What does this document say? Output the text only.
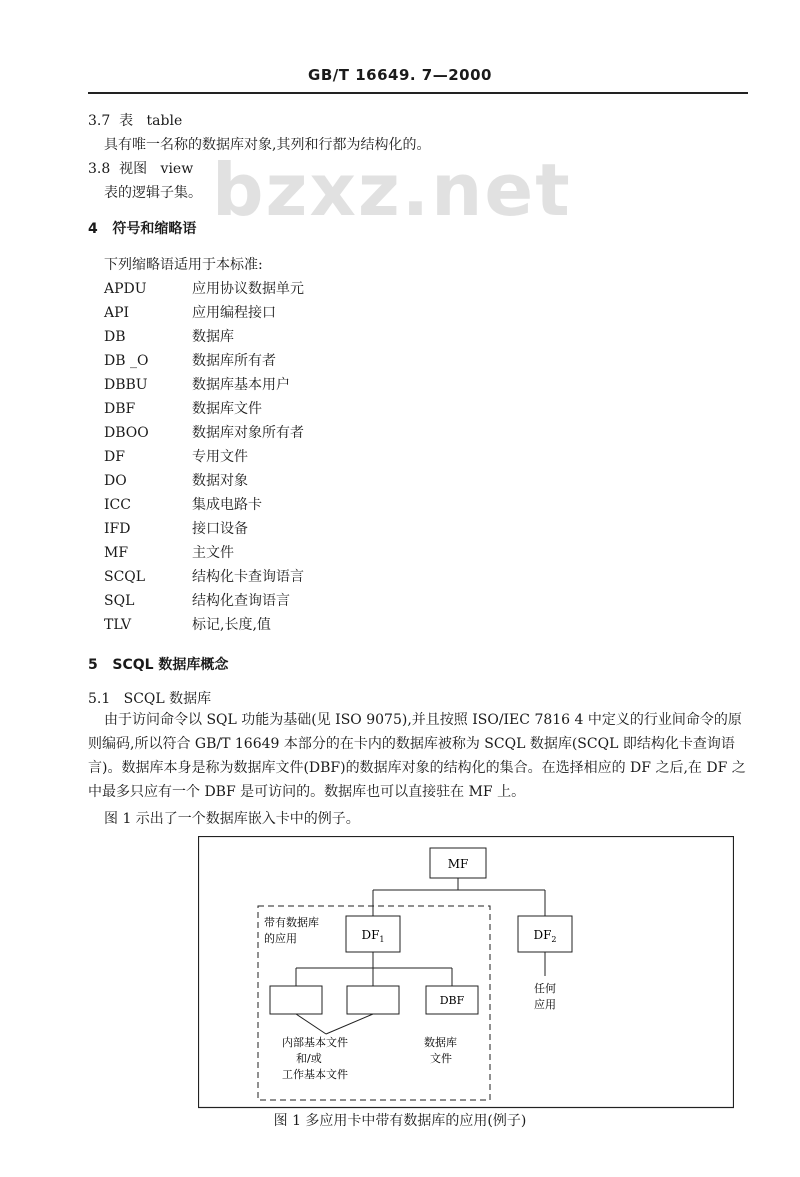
GB/T 16649. 7—2000
bzxz.net
3.7 表 table
具有唯一名称的数据库对象,其列和行都为结构化的。
3.8 视图 view
表的逻辑子集。
4 符号和缩略语
下列缩略语适用于本标准:
APDU	应用协议数据单元
API	应用编程接口
DB	数据库
DB _O	数据库所有者
DBBU	数据库基本用户
DBF	数据库文件
DBOO	数据库对象所有者
DF	专用文件
DO	数据对象
ICC	集成电路卡
IFD	接口设备
MF	主文件
SCQL	结构化卡查询语言
SQL	结构化查询语言
TLV	标记,长度,值
5 SCQL 数据库概念
5.1 SCQL 数据库
由于访问命令以 SQL 功能为基础(见 ISO 9075),并且按照 ISO/IEC 7816 4 中定义的行业间命令的原则编码,所以符合 GB/T 16649 本部分的在卡内的数据库被称为 SCQL 数据库(SCQL 即结构化卡查询语言)。数据库本身是称为数据库文件(DBF)的数据库对象的结构化的集合。在选择相应的 DF 之后,在 DF 之中最多只应有一个 DBF 是可访问的。数据库也可以直接驻在 MF 上。
图 1 示出了一个数据库嵌入卡中的例子。
MF
$DF_1$	$DF_2$
带有数据库
的应用
任何
应用
DBF
内部基本文件
和/或
工作基本文件
数据库
文件
图 1 多应用卡中带有数据库的应用(例子)
